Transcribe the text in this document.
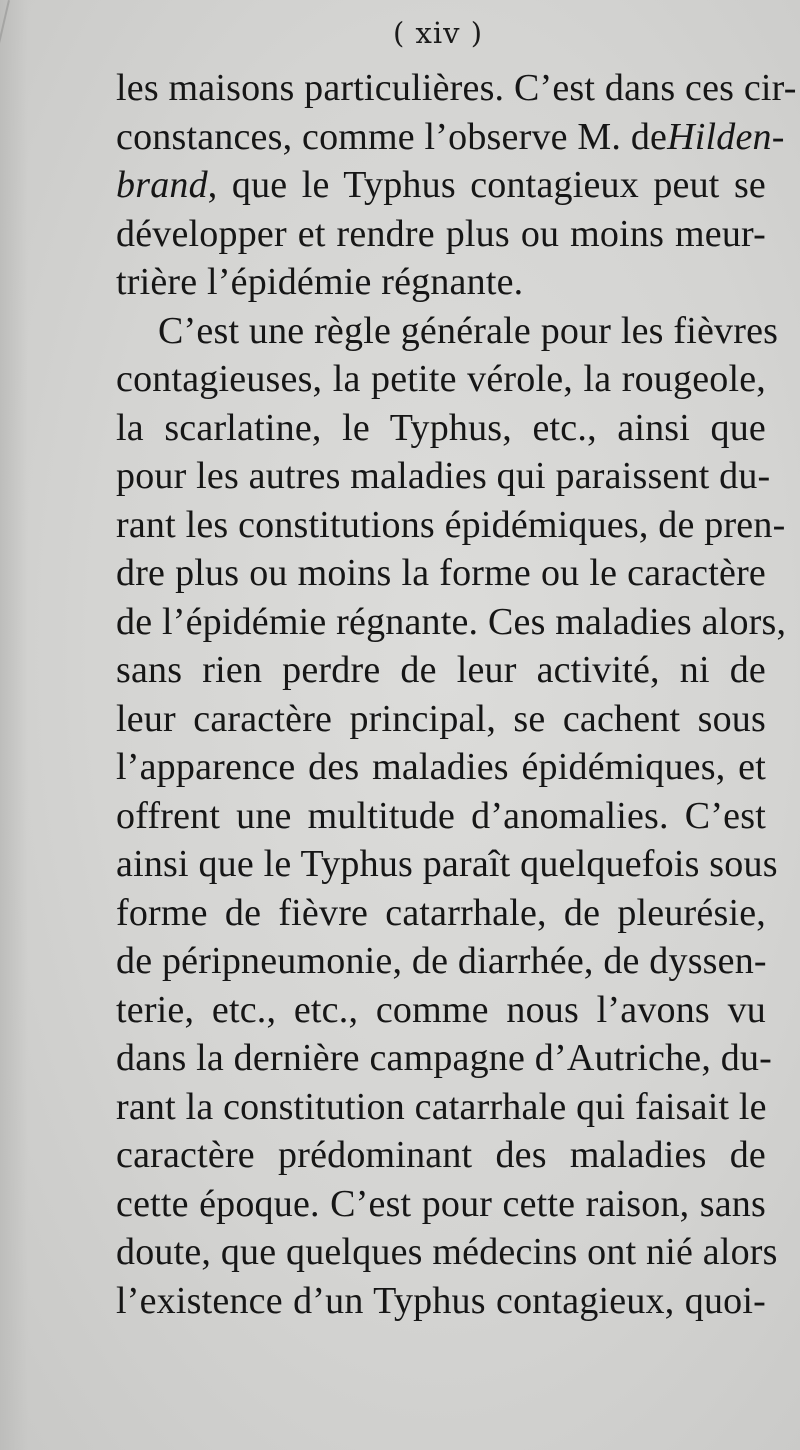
( xiv )
les maisons particulières. C’est dans ces cir-
constances, comme l’observe M. deHilden-
brand, que le Typhus contagieux peut se
développer et rendre plus ou moins meur-
trière l’épidémie régnante.
C’est une règle générale pour les fièvres
contagieuses, la petite vérole, la rougeole,
la scarlatine, le Typhus, etc., ainsi que
pour les autres maladies qui paraissent du-
rant les constitutions épidémiques, de pren-
dre plus ou moins la forme ou le caractère
de l’épidémie régnante. Ces maladies alors,
sans rien perdre de leur activité, ni de
leur caractère principal, se cachent sous
l’apparence des maladies épidémiques, et
offrent une multitude d’anomalies. C’est
ainsi que le Typhus paraît quelquefois sous
forme de fièvre catarrhale, de pleurésie,
de péripneumonie, de diarrhée, de dyssen-
terie, etc., etc., comme nous l’avons vu
dans la dernière campagne d’Autriche, du-
rant la constitution catarrhale qui faisait le
caractère prédominant des maladies de
cette époque. C’est pour cette raison, sans
doute, que quelques médecins ont nié alors
l’existence d’un Typhus contagieux, quoi-
